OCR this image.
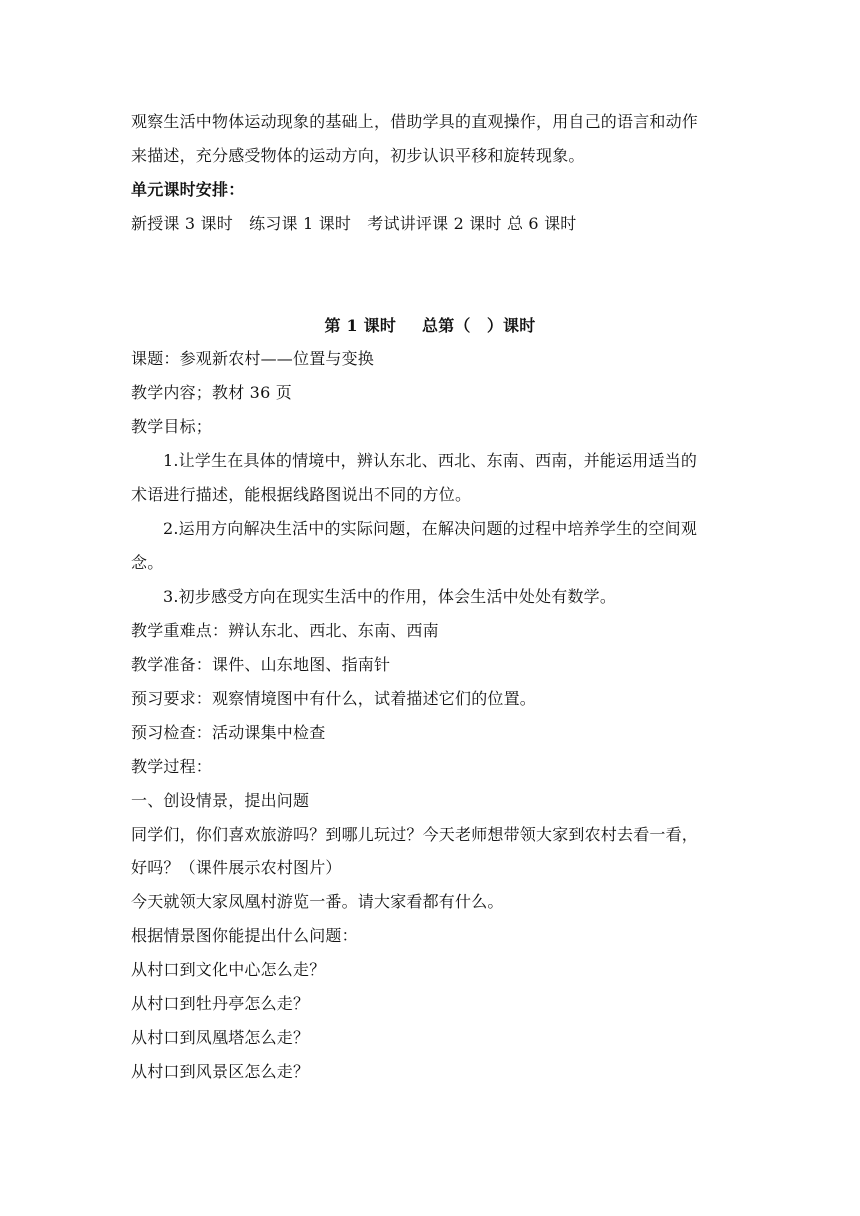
观察生活中物体运动现象的基础上，借助学具的直观操作，用自己的语言和动作
来描述，充分感受物体的运动方向，初步认识平移和旋转现象。
单元课时安排：
新授课 3 课时　练习课 1 课时　考试讲评课 2 课时 总 6 课时
第 1 课时 总第（　）课时
课题：参观新农村——位置与变换
教学内容；教材 36 页
教学目标；
1.让学生在具体的情境中，辨认东北、西北、东南、西南，并能运用适当的
术语进行描述，能根据线路图说出不同的方位。
2.运用方向解决生活中的实际问题，在解决问题的过程中培养学生的空间观
念。
3.初步感受方向在现实生活中的作用，体会生活中处处有数学。
教学重难点：辨认东北、西北、东南、西南
教学准备：课件、山东地图、指南针
预习要求：观察情境图中有什么，试着描述它们的位置。
预习检查：活动课集中检查
教学过程：
一、创设情景，提出问题
同学们，你们喜欢旅游吗？到哪儿玩过？今天老师想带领大家到农村去看一看，
好吗？（课件展示农村图片）
今天就领大家凤凰村游览一番。请大家看都有什么。
根据情景图你能提出什么问题：
从村口到文化中心怎么走？
从村口到牡丹亭怎么走？
从村口到凤凰塔怎么走？
从村口到风景区怎么走？
